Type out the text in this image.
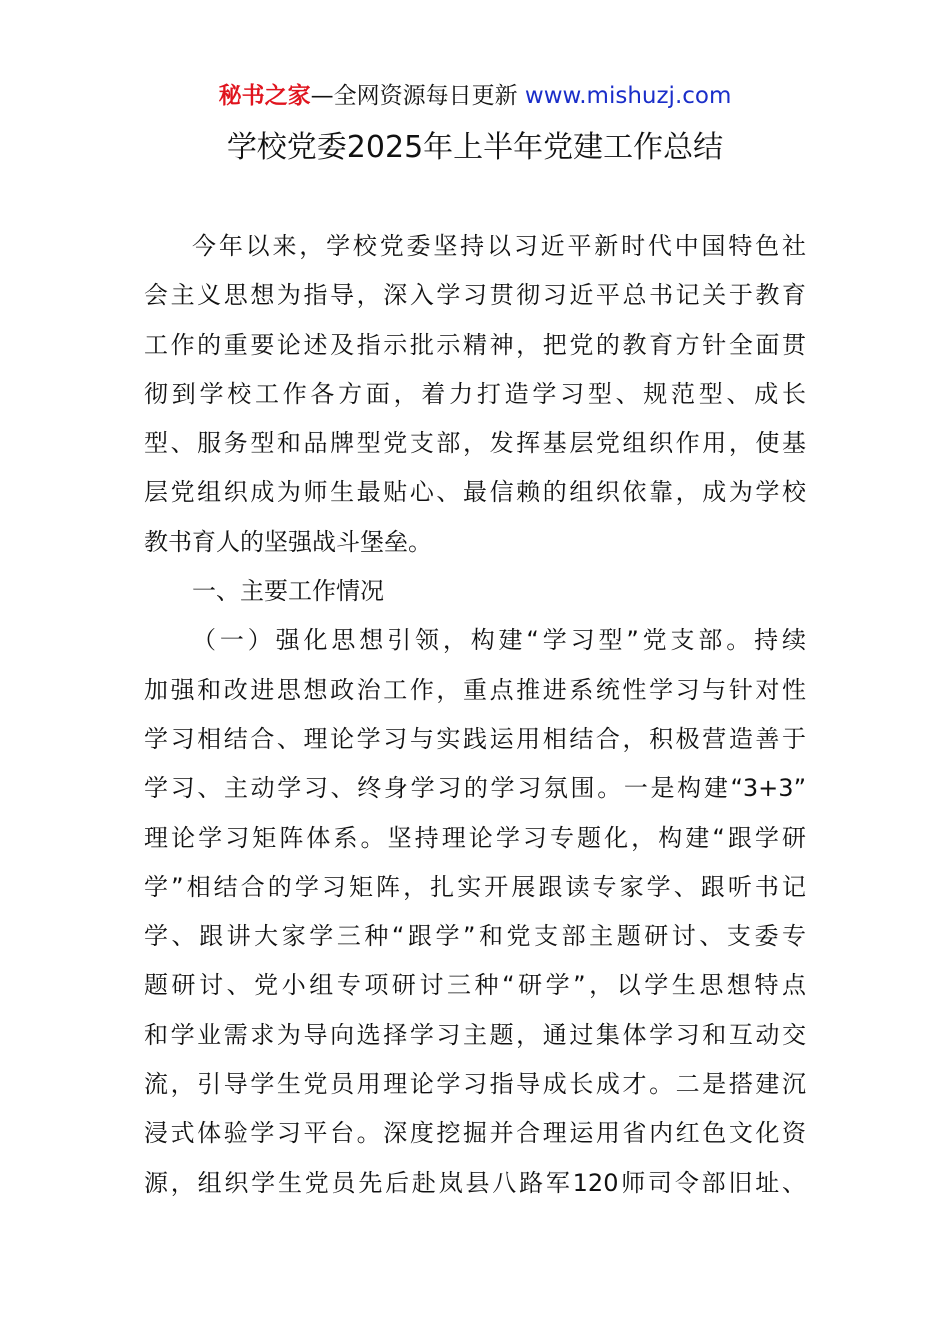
秘书之家—全网资源每日更新 www.mishuzj.com
学校党委2025年上半年党建工作总结
今年以来，学校党委坚持以习近平新时代中国特色社
会主义思想为指导，深入学习贯彻习近平总书记关于教育
工作的重要论述及指示批示精神，把党的教育方针全面贯
彻到学校工作各方面，着力打造学习型、规范型、成长
型、服务型和品牌型党支部，发挥基层党组织作用，使基
层党组织成为师生最贴心、最信赖的组织依靠，成为学校
教书育人的坚强战斗堡垒。
一、主要工作情况
（一）强化思想引领，构建“学习型”党支部。持续
加强和改进思想政治工作，重点推进系统性学习与针对性
学习相结合、理论学习与实践运用相结合，积极营造善于
学习、主动学习、终身学习的学习氛围。一是构建“3+3”
理论学习矩阵体系。坚持理论学习专题化，构建“跟学研
学”相结合的学习矩阵，扎实开展跟读专家学、跟听书记
学、跟讲大家学三种“跟学”和党支部主题研讨、支委专
题研讨、党小组专项研讨三种“研学”，以学生思想特点
和学业需求为导向选择学习主题，通过集体学习和互动交
流，引导学生党员用理论学习指导成长成才。二是搭建沉
浸式体验学习平台。深度挖掘并合理运用省内红色文化资
源，组织学生党员先后赴岚县八路军120师司令部旧址、
